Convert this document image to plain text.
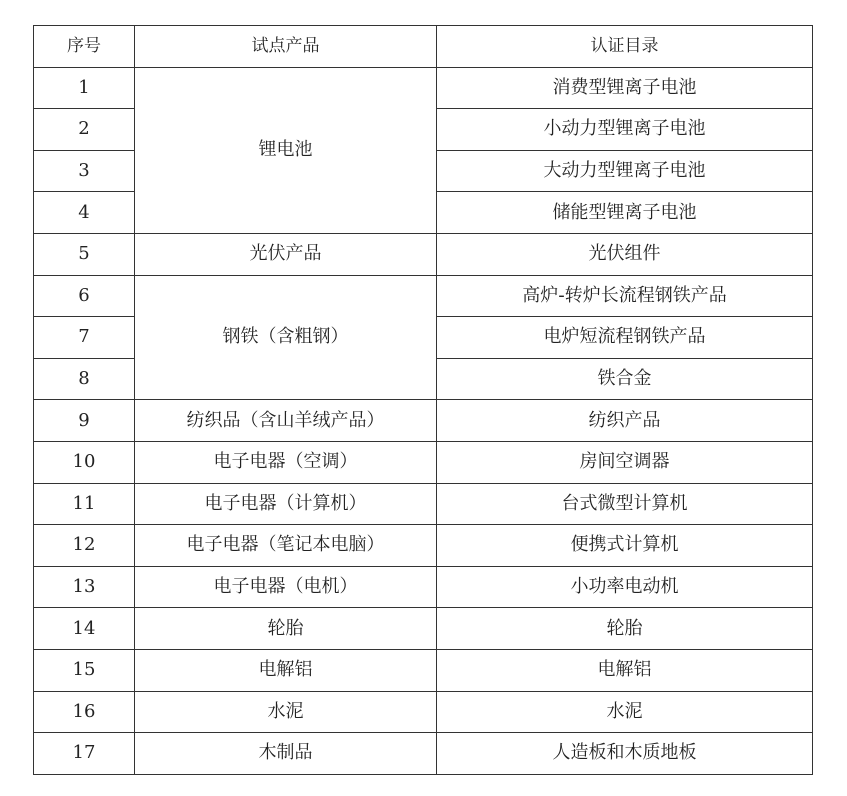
序号	试点产品	认证目录
1	锂电池	消费型锂离子电池
2		小动力型锂离子电池
3		大动力型锂离子电池
4		储能型锂离子电池
5	光伏产品	光伏组件
6	钢铁（含粗钢）	高炉-转炉长流程钢铁产品
7		电炉短流程钢铁产品
8		铁合金
9	纺织品（含山羊绒产品）	纺织产品
10	电子电器（空调）	房间空调器
11	电子电器（计算机）	台式微型计算机
12	电子电器（笔记本电脑）	便携式计算机
13	电子电器（电机）	小功率电动机
14	轮胎	轮胎
15	电解铝	电解铝
16	水泥	水泥
17	木制品	人造板和木质地板
